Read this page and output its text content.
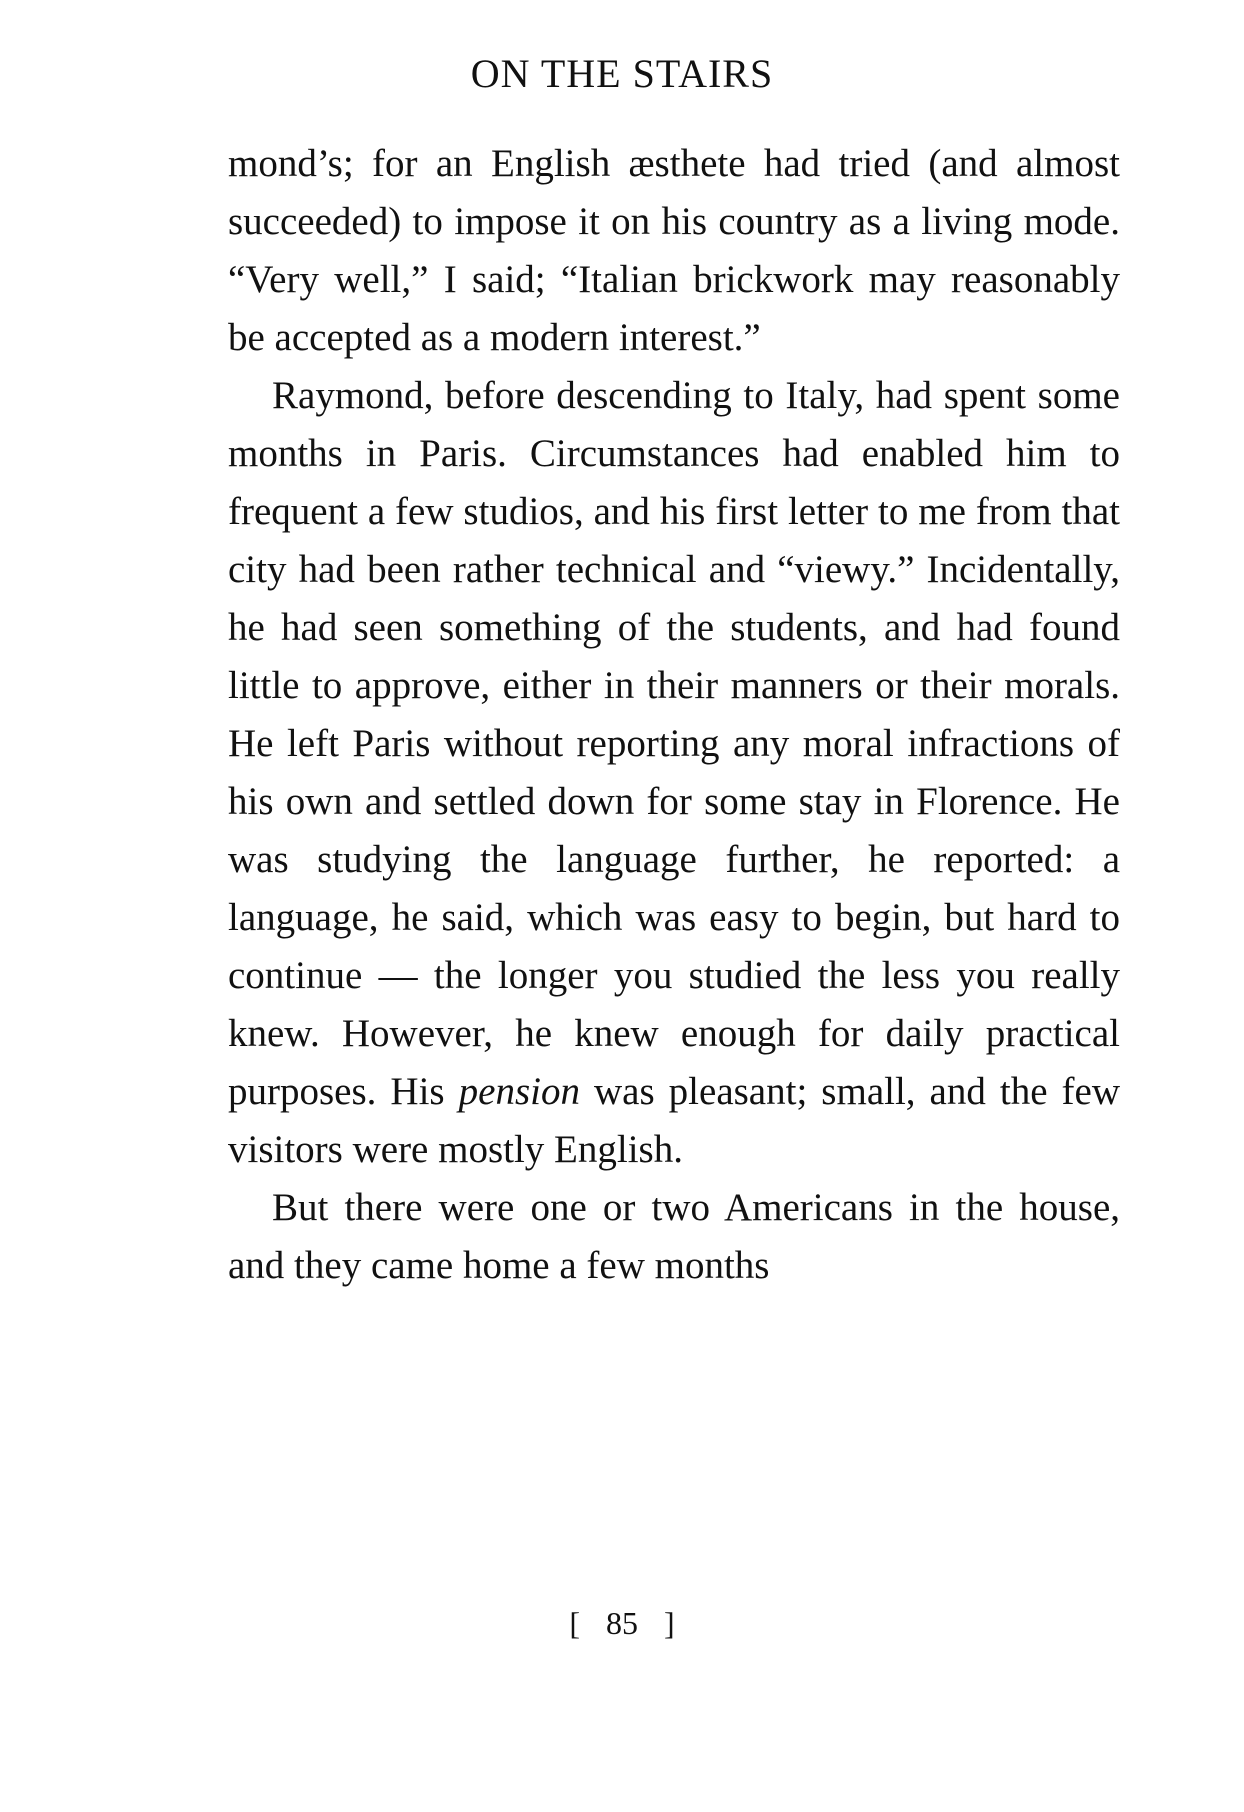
ON THE STAIRS

mond’s; for an English æsthete had tried (and almost succeeded) to impose it on his country as a living mode. “Very well,” I said; “Italian brickwork may reasonably be accepted as a modern interest.”

Raymond, before descending to Italy, had spent some months in Paris. Circumstances had enabled him to frequent a few studios, and his first letter to me from that city had been rather technical and “viewy.” Incidentally, he had seen something of the students, and had found little to approve, either in their manners or their morals. He left Paris without reporting any moral infractions of his own and settled down for some stay in Florence. He was studying the language further, he reported: a language, he said, which was easy to begin, but hard to continue — the longer you studied the less you really knew. However, he knew enough for daily practical purposes. His pension was pleasant; small, and the few visitors were mostly English.

But there were one or two Americans in the house, and they came home a few months

[ 85 ]
